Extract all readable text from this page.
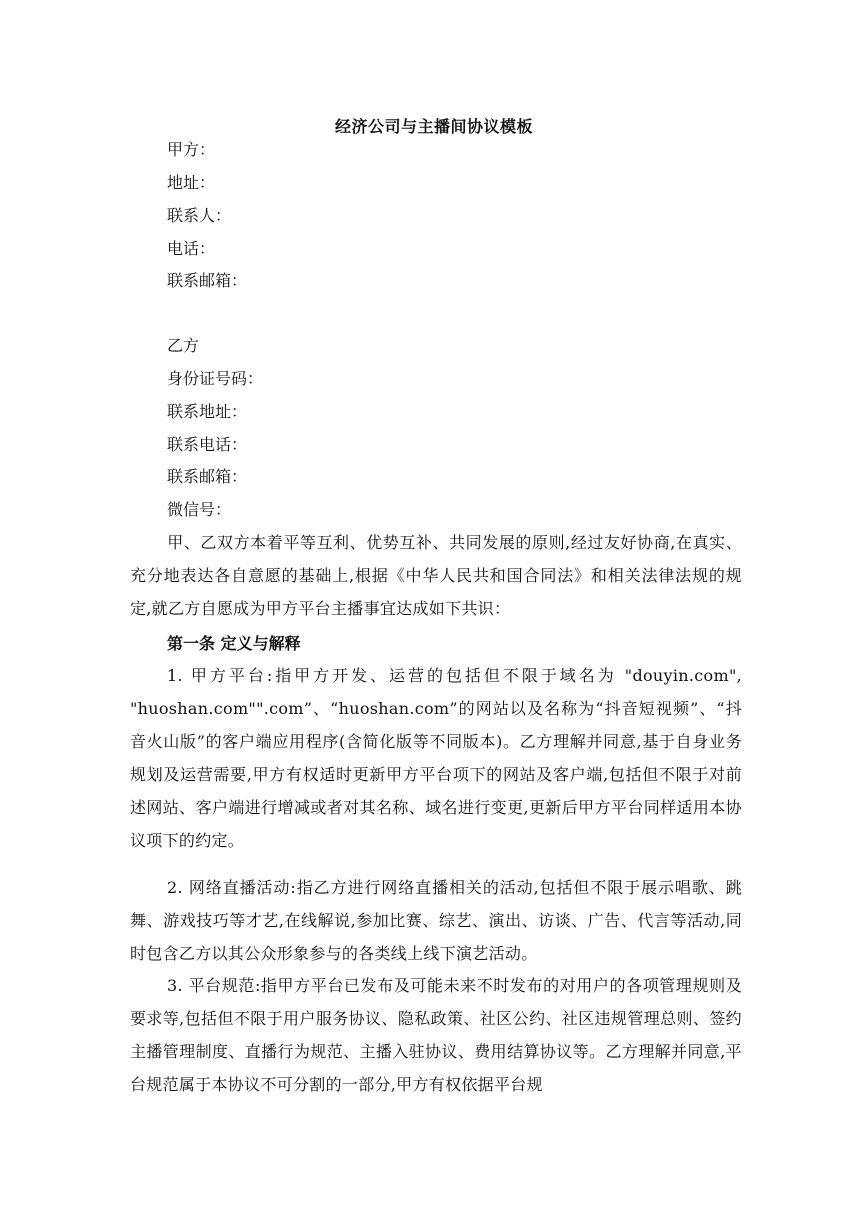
经济公司与主播间协议模板
甲方：
地址：
联系人：
电话：
联系邮箱：
乙方
身份证号码：
联系地址：
联系电话：
联系邮箱：
微信号：
甲、乙双方本着平等互利、优势互补、共同发展的原则,经过友好协商,在真实、充分地表达各自意愿的基础上,根据《中华人民共和国合同法》和相关法律法规的规定,就乙方自愿成为甲方平台主播事宜达成如下共识：
第一条 定义与解释
1. 甲方平台:指甲方开发、运营的包括但不限于域名为 "douyin.com", "huoshan.com"".com”、“huoshan.com”的网站以及名称为“抖音短视频”、“抖音火山版”的客户端应用程序(含简化版等不同版本)。乙方理解并同意,基于自身业务规划及运营需要,甲方有权适时更新甲方平台项下的网站及客户端,包括但不限于对前述网站、客户端进行增减或者对其名称、域名进行变更,更新后甲方平台同样适用本协议项下的约定。
2. 网络直播活动:指乙方进行网络直播相关的活动,包括但不限于展示唱歌、跳舞、游戏技巧等才艺,在线解说,参加比赛、综艺、演出、访谈、广告、代言等活动,同时包含乙方以其公众形象参与的各类线上线下演艺活动。
3. 平台规范:指甲方平台已发布及可能未来不时发布的对用户的各项管理规则及要求等,包括但不限于用户服务协议、隐私政策、社区公约、社区违规管理总则、签约主播管理制度、直播行为规范、主播入驻协议、费用结算协议等。乙方理解并同意,平台规范属于本协议不可分割的一部分,甲方有权依据平台规
